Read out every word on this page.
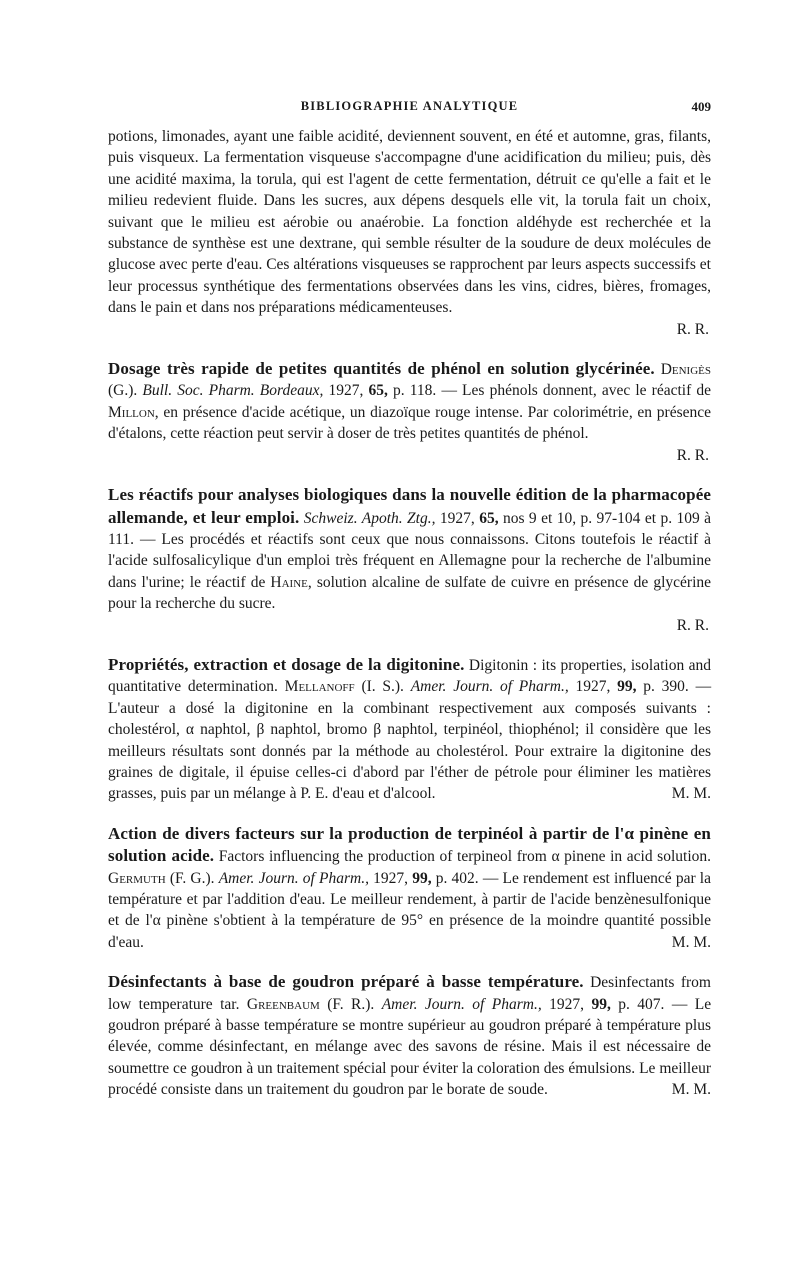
BIBLIOGRAPHIE ANALYTIQUE	409

potions, limonades, ayant une faible acidité, deviennent souvent, en été et automne, gras, filants, puis visqueux. La fermentation visqueuse s'accompagne d'une acidification du milieu; puis, dès une acidité maxima, la torula, qui est l'agent de cette fermentation, détruit ce qu'elle a fait et le milieu redevient fluide. Dans les sucres, aux dépens desquels elle vit, la torula fait un choix, suivant que le milieu est aérobie ou anaérobie. La fonction aldéhyde est recherchée et la substance de synthèse est une dextrane, qui semble résulter de la soudure de deux molécules de glucose avec perte d'eau. Ces altérations visqueuses se rapprochent par leurs aspects successifs et leur processus synthétique des fermentations observées dans les vins, cidres, bières, fromages, dans le pain et dans nos préparations médicamenteuses.

R. R.

Dosage très rapide de petites quantités de phénol en solution glycérinée. Denigès (G.). Bull. Soc. Pharm. Bordeaux, 1927, 65, p. 118. — Les phénols donnent, avec le réactif de Millon, en présence d'acide acétique, un diazoïque rouge intense. Par colorimétrie, en présence d'étalons, cette réaction peut servir à doser de très petites quantités de phénol.

R. R.

Les réactifs pour analyses biologiques dans la nouvelle édition de la pharmacopée allemande, et leur emploi. Schweiz. Apoth. Ztg., 1927, 65, nos 9 et 10, p. 97-104 et p. 109 à 111. — Les procédés et réactifs sont ceux que nous connaissons. Citons toutefois le réactif à l'acide sulfosalicylique d'un emploi très fréquent en Allemagne pour la recherche de l'albumine dans l'urine; le réactif de Haine, solution alcaline de sulfate de cuivre en présence de glycérine pour la recherche du sucre.

R. R.

Propriétés, extraction et dosage de la digitonine. Digitonin : its properties, isolation and quantitative determination. Mellanoff (I. S.). Amer. Journ. of Pharm., 1927, 99, p. 390. — L'auteur a dosé la digitonine en la combinant respectivement aux composés suivants : cholestérol, α naphtol, β naphtol, bromo β naphtol, terpinéol, thiophénol; il considère que les meilleurs résultats sont donnés par la méthode au cholestérol. Pour extraire la digitonine des graines de digitale, il épuise celles-ci d'abord par l'éther de pétrole pour éliminer les matières grasses, puis par un mélange à P. E. d'eau et d'alcool.	M. M.

Action de divers facteurs sur la production de terpinéol à partir de l'α pinène en solution acide. Factors influencing the production of terpineol from α pinene in acid solution. Germuth (F. G.). Amer. Journ. of Pharm., 1927, 99, p. 402. — Le rendement est influencé par la température et par l'addition d'eau. Le meilleur rendement, à partir de l'acide benzènesulfonique et de l'α pinène s'obtient à la température de 95° en présence de la moindre quantité possible d'eau.	M. M.

Désinfectants à base de goudron préparé à basse température. Desinfectants from low temperature tar. Greenbaum (F. R.). Amer. Journ. of Pharm., 1927, 99, p. 407. — Le goudron préparé à basse température se montre supérieur au goudron préparé à température plus élevée, comme désinfectant, en mélange avec des savons de résine. Mais il est nécessaire de soumettre ce goudron à un traitement spécial pour éviter la coloration des émulsions. Le meilleur procédé consiste dans un traitement du goudron par le borate de soude.	M. M.
